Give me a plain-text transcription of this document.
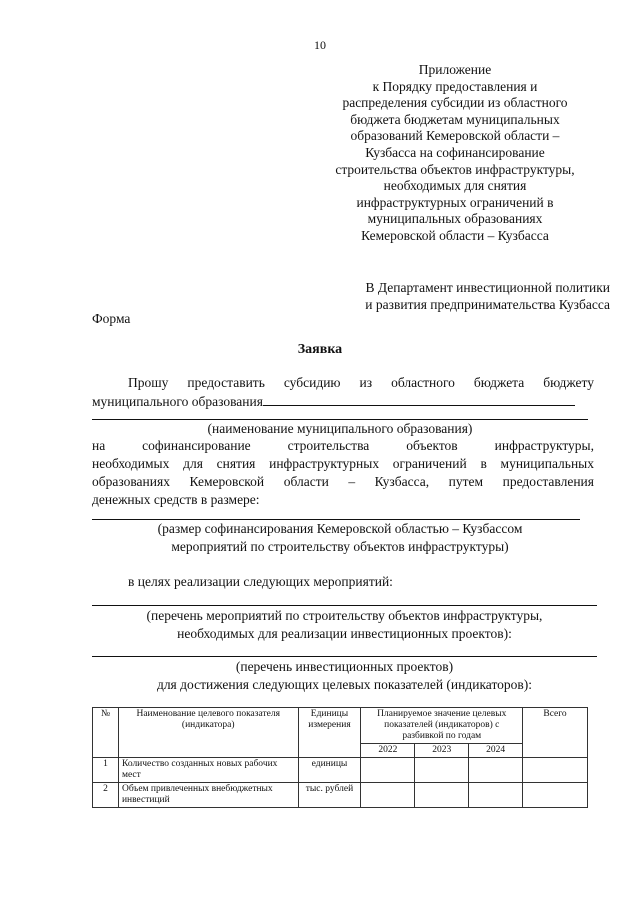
10
Приложение
к Порядку предоставления и
распределения субсидии из областного
бюджета бюджетам муниципальных
образований Кемеровской области –
Кузбасса на софинансирование
строительства объектов инфраструктуры,
необходимых для снятия
инфраструктурных ограничений в
муниципальных образованиях
Кемеровской области – Кузбасса
В Департамент инвестиционной политики
и развития предпринимательства Кузбасса
Форма
Заявка
Прошу предоставить субсидию из областного бюджета бюджету
муниципального образования
(наименование муниципального образования)
на софинансирование строительства объектов инфраструктуры,
необходимых для снятия инфраструктурных ограничений в муниципальных
образованиях Кемеровской области – Кузбасса, путем предоставления
денежных средств в размере:
(размер софинансирования Кемеровской областью – Кузбассом
мероприятий по строительству объектов инфраструктуры)
в целях реализации следующих мероприятий:
(перечень мероприятий по строительству объектов инфраструктуры,
необходимых для реализации инвестиционных проектов):
(перечень инвестиционных проектов)
для достижения следующих целевых показателей (индикаторов):
№	Наименование целевого показателя (индикатора)	Единицы измерения	Планируемое значение целевых показателей (индикаторов) с разбивкой по годам			Всего
			2022	2023	2024	
1	Количество созданных новых рабочих мест	единицы				
2	Объем привлеченных внебюджетных инвестиций	тыс. рублей				
